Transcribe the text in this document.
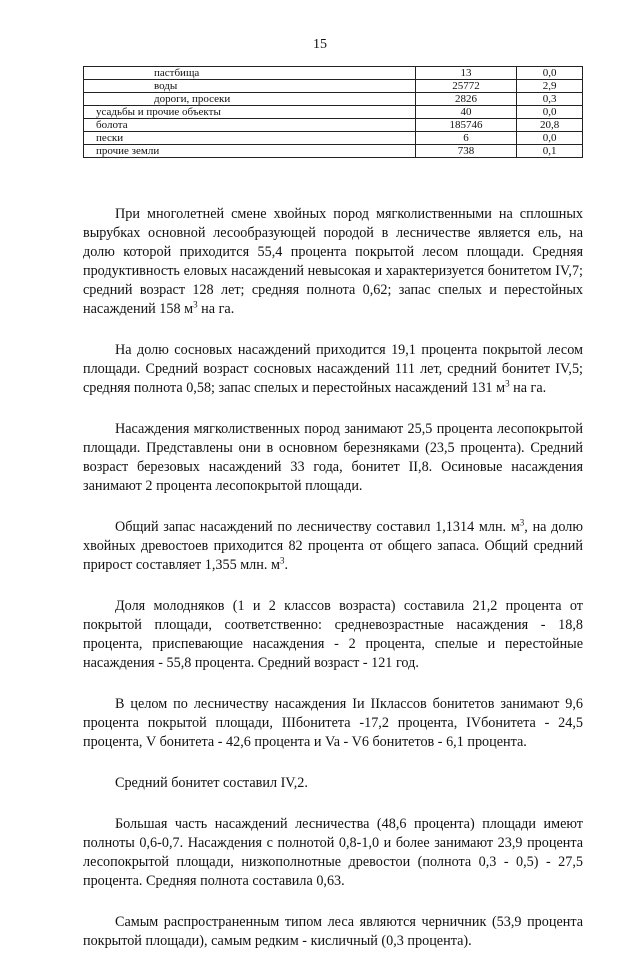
15
пастбища	13	0,0
воды	25772	2,9
дороги, просеки	2826	0,3
усадьбы и прочие объекты	40	0,0
болота	185746	20,8
пески	6	0,0
прочие земли	738	0,1

При многолетней смене хвойных пород мягколиственными на сплошных вырубках основной лесообразующей породой в лесничестве является ель, на долю которой приходится 55,4 процента покрытой лесом площади. Средняя продуктивность еловых насаждений невысокая и характеризуется бонитетом IV,7; средний возраст 128 лет; средняя полнота 0,62; запас спелых и перестойных насаждений 158 $м^3$ на га.

На долю сосновых насаждений приходится 19,1 процента покрытой лесом площади. Средний возраст сосновых насаждений 111 лет, средний бонитет IV,5; средняя полнота 0,58; запас спелых и перестойных насаждений 131 $м^3$ на га.

Насаждения мягколиственных пород занимают 25,5 процента лесопокрытой площади. Представлены они в основном березняками (23,5 процента). Средний возраст березовых насаждений 33 года, бонитет II,8. Осиновые насаждения занимают 2 процента лесопокрытой площади.

Общий запас насаждений по лесничеству составил 1,1314 млн. $м^3$, на долю хвойных древостоев приходится 82 процента от общего запаса. Общий средний прирост составляет 1,355 млн. $м^3$.

Доля молодняков (1 и 2 классов возраста) составила 21,2 процента от покрытой площади, соответственно: средневозрастные насаждения - 18,8 процента, приспевающие насаждения - 2 процента, спелые и перестойные насаждения - 55,8 процента. Средний возраст - 121 год.

В целом по лесничеству насаждения Iи IIклассов бонитетов занимают 9,6 процента покрытой площади, IIIбонитета -17,2 процента, IVбонитета - 24,5 процента, V бонитета - 42,6 процента и Va - V6 бонитетов - 6,1 процента.

Средний бонитет составил IV,2.

Большая часть насаждений лесничества (48,6 процента) площади имеют полноты 0,6-0,7. Насаждения с полнотой 0,8-1,0 и более занимают 23,9 процента лесопокрытой площади, низкополнотные древостои (полнота 0,3 - 0,5) - 27,5 процента. Средняя полнота составила 0,63.

Самым распространенным типом леса являются черничник (53,9 процента покрытой площади), самым редким - кисличный (0,3 процента).
